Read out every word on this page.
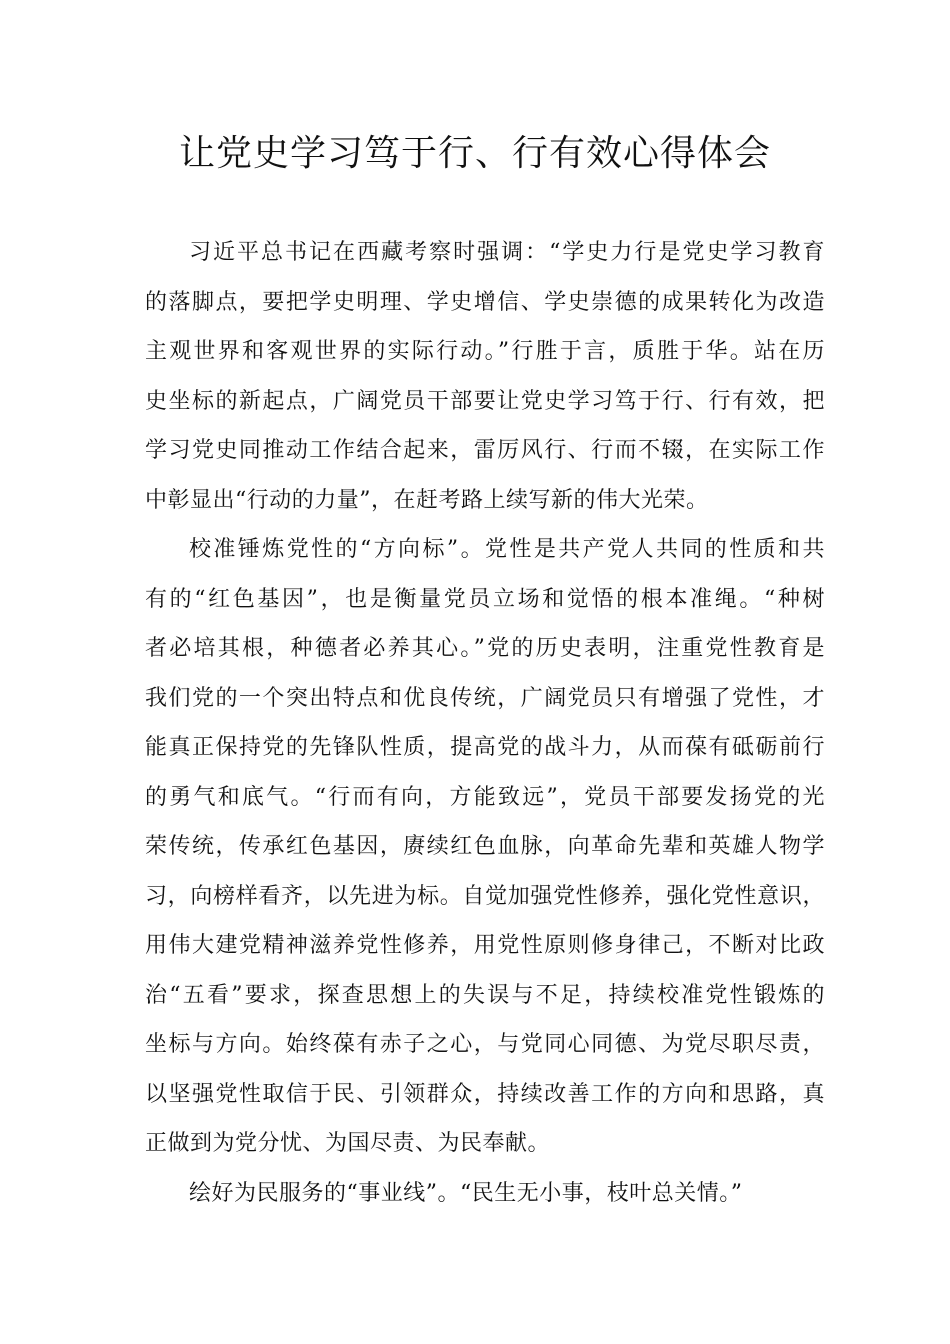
让党史学习笃于行、行有效心得体会
习近平总书记在西藏考察时强调：“学史力行是党史学习教育
的落脚点，要把学史明理、学史增信、学史崇德的成果转化为改造
主观世界和客观世界的实际行动。”行胜于言，质胜于华。站在历
史坐标的新起点，广阔党员干部要让党史学习笃于行、行有效，把
学习党史同推动工作结合起来，雷厉风行、行而不辍，在实际工作
中彰显出“行动的力量”，在赶考路上续写新的伟大光荣。
校准锤炼党性的“方向标”。党性是共产党人共同的性质和共
有的“红色基因”，也是衡量党员立场和觉悟的根本准绳。“种树
者必培其根，种德者必养其心。”党的历史表明，注重党性教育是
我们党的一个突出特点和优良传统，广阔党员只有增强了党性，才
能真正保持党的先锋队性质，提高党的战斗力，从而葆有砥砺前行
的勇气和底气。“行而有向，方能致远”，党员干部要发扬党的光
荣传统，传承红色基因，赓续红色血脉，向革命先辈和英雄人物学
习，向榜样看齐，以先进为标。自觉加强党性修养，强化党性意识，
用伟大建党精神滋养党性修养，用党性原则修身律己，不断对比政
治“五看”要求，探查思想上的失误与不足，持续校准党性锻炼的
坐标与方向。始终葆有赤子之心，与党同心同德、为党尽职尽责，
以坚强党性取信于民、引领群众，持续改善工作的方向和思路，真
正做到为党分忧、为国尽责、为民奉献。
绘好为民服务的“事业线”。“民生无小事，枝叶总关情。”
